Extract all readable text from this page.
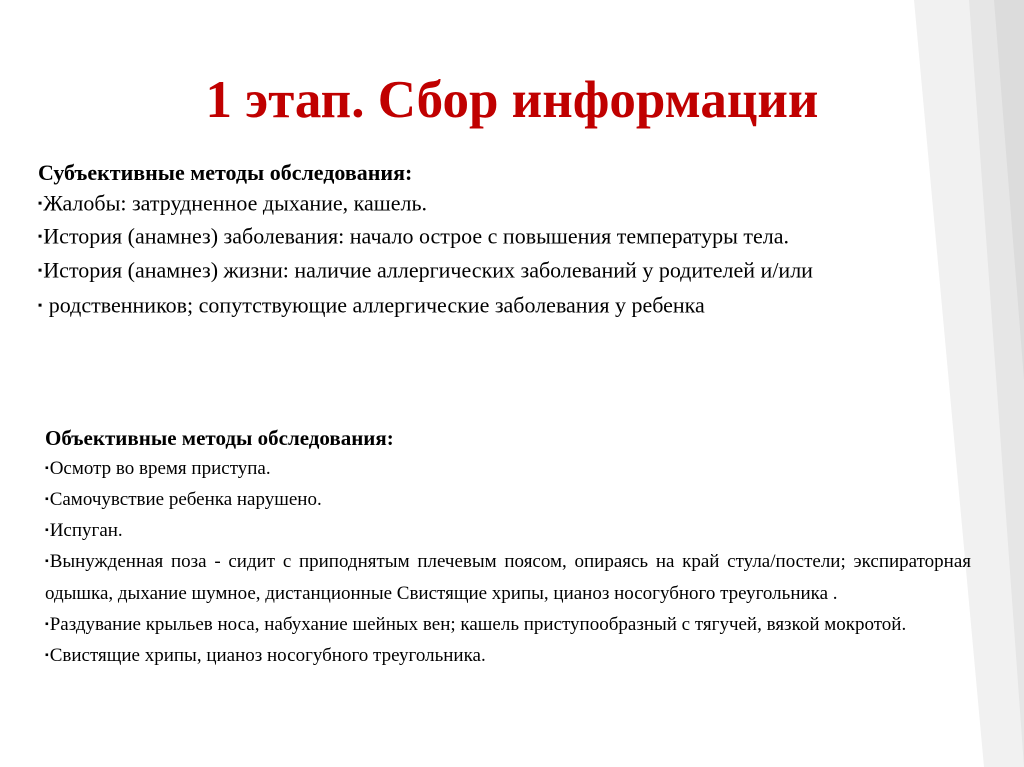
1 этап. Сбор информации

Субъективные методы обследования:

▪Жалобы: затрудненное дыхание, кашель.

▪История (анамнез) заболевания: начало острое с повышения температуры тела.

▪История (анамнез) жизни: наличие аллергических заболеваний у родителей и/или

▪ родственников; сопутствующие аллергические заболевания у ребенка

Объективные методы обследования:

▪Осмотр во время приступа.

▪Самочувствие ребенка нарушено.

▪Испуган.

▪Вынужденная поза - сидит с приподнятым плечевым поясом, опираясь на край стула/постели; экспираторная одышка, дыхание шумное, дистанционные Свистящие хрипы, цианоз носогубного треугольника .

▪Раздувание крыльев носа, набухание шейных вен; кашель приступообразный с тягучей, вязкой мокротой.

▪Свистящие хрипы, цианоз носогубного треугольника.
